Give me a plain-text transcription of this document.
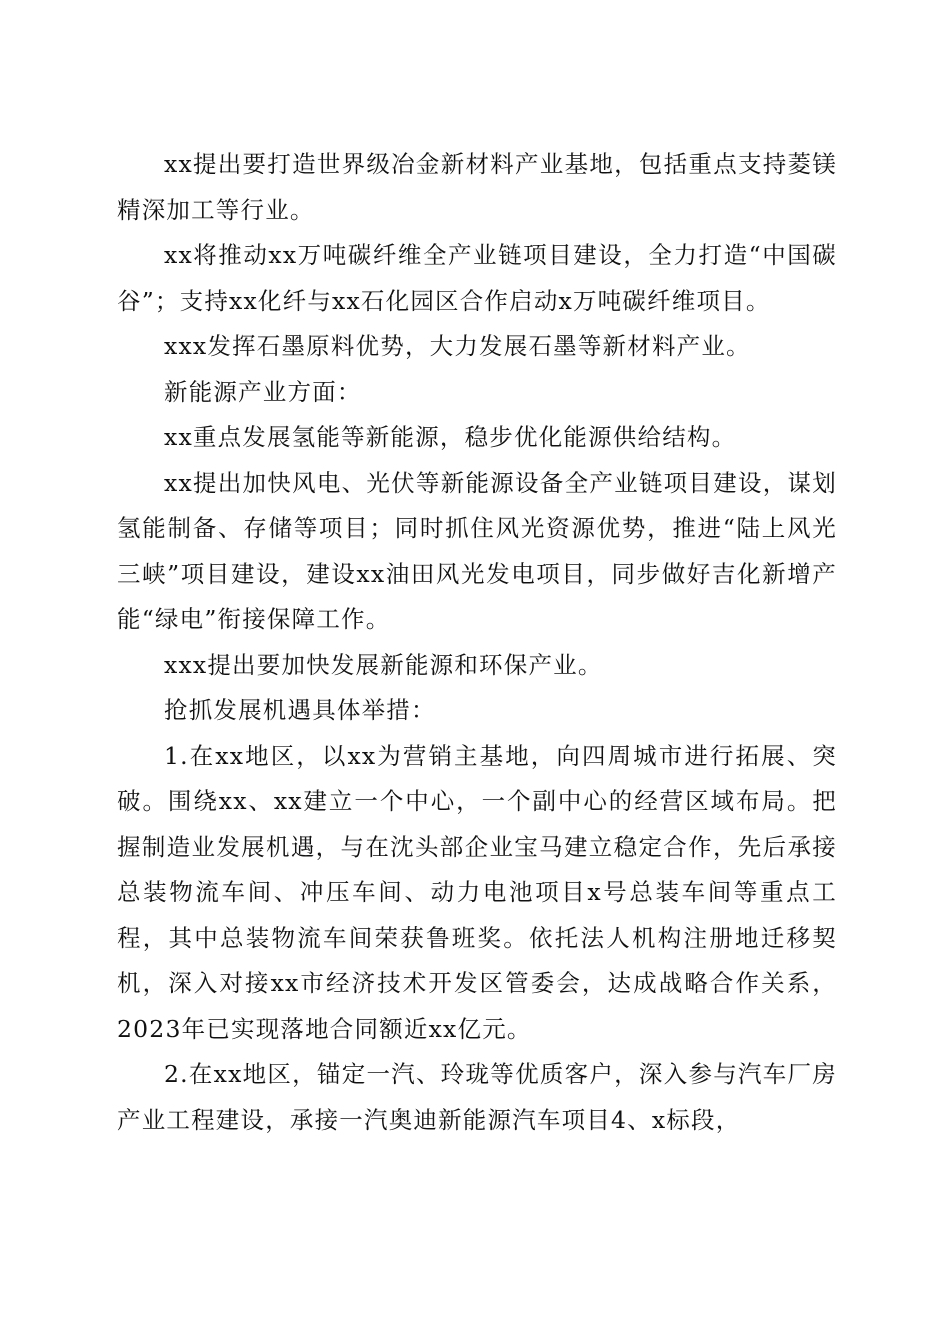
xx提出要打造世界级冶金新材料产业基地，包括重点支持菱镁精深加工等行业。

xx将推动xx万吨碳纤维全产业链项目建设，全力打造“中国碳谷”；支持xx化纤与xx石化园区合作启动x万吨碳纤维项目。

xxx发挥石墨原料优势，大力发展石墨等新材料产业。

新能源产业方面：

xx重点发展氢能等新能源，稳步优化能源供给结构。

xx提出加快风电、光伏等新能源设备全产业链项目建设，谋划氢能制备、存储等项目；同时抓住风光资源优势，推进“陆上风光三峡”项目建设，建设xx油田风光发电项目，同步做好吉化新增产能“绿电”衔接保障工作。

xxx提出要加快发展新能源和环保产业。

抢抓发展机遇具体举措：

1.在xx地区，以xx为营销主基地，向四周城市进行拓展、突破。围绕xx、xx建立一个中心，一个副中心的经营区域布局。把握制造业发展机遇，与在沈头部企业宝马建立稳定合作，先后承接总装物流车间、冲压车间、动力电池项目x号总装车间等重点工程，其中总装物流车间荣获鲁班奖。依托法人机构注册地迁移契机，深入对接xx市经济技术开发区管委会，达成战略合作关系，2023年已实现落地合同额近xx亿元。

2.在xx地区，锚定一汽、玲珑等优质客户，深入参与汽车厂房产业工程建设，承接一汽奥迪新能源汽车项目4、x标段，
